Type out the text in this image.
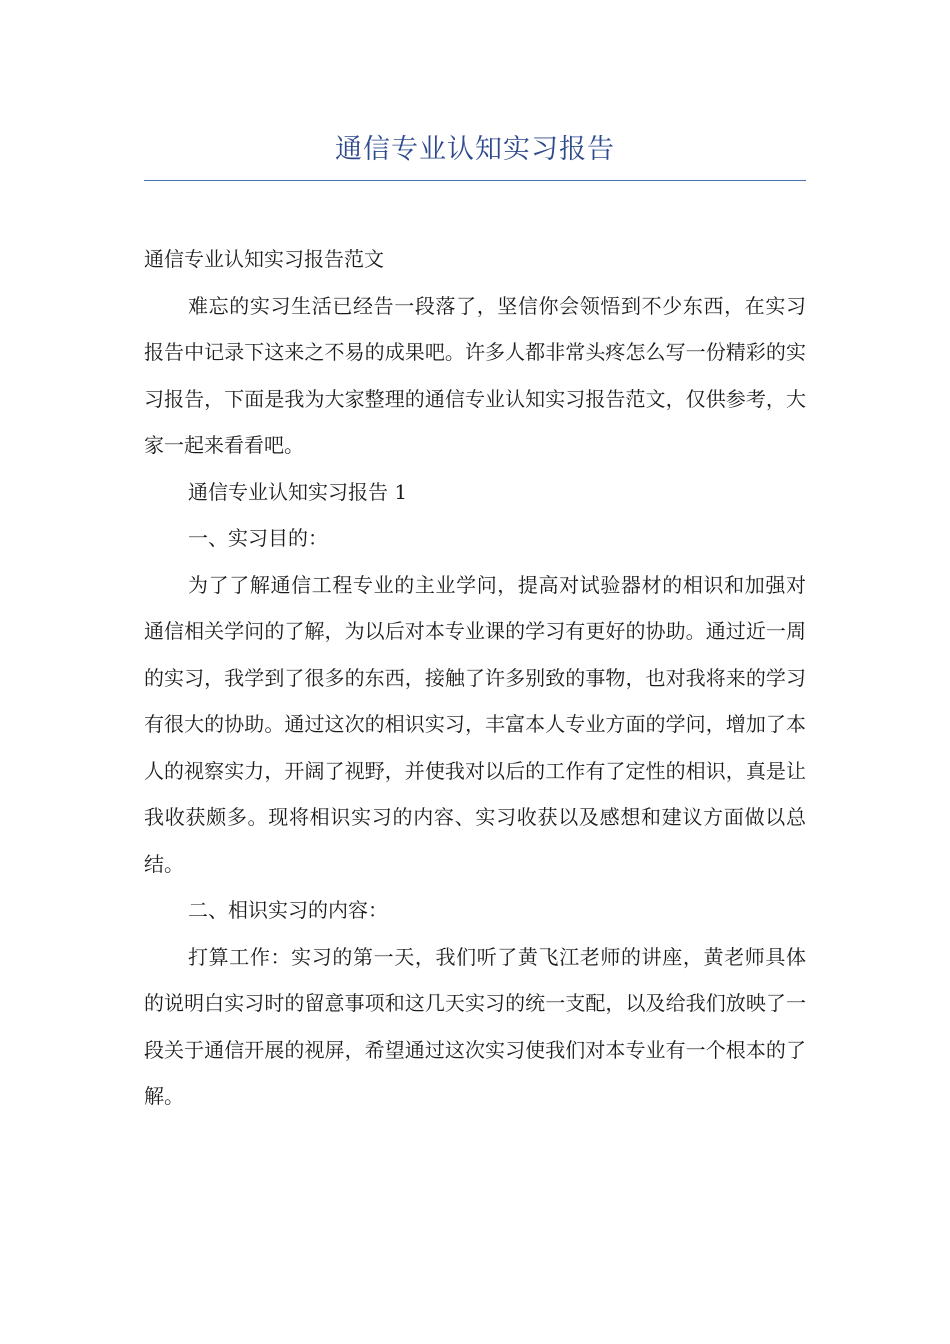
通信专业认知实习报告

通信专业认知实习报告范文

难忘的实习生活已经告一段落了，坚信你会领悟到不少东西，在实习报告中记录下这来之不易的成果吧。许多人都非常头疼怎么写一份精彩的实习报告，下面是我为大家整理的通信专业认知实习报告范文，仅供参考，大家一起来看看吧。

通信专业认知实习报告 1

一、实习目的：

为了了解通信工程专业的主业学问，提高对试验器材的相识和加强对通信相关学问的了解，为以后对本专业课的学习有更好的协助。通过近一周的实习，我学到了很多的东西，接触了许多别致的事物，也对我将来的学习有很大的协助。通过这次的相识实习，丰富本人专业方面的学问，增加了本人的视察实力，开阔了视野，并使我对以后的工作有了定性的相识，真是让我收获颇多。现将相识实习的内容、实习收获以及感想和建议方面做以总结。

二、相识实习的内容：

打算工作：实习的第一天，我们听了黄飞江老师的讲座，黄老师具体的说明白实习时的留意事项和这几天实习的统一支配，以及给我们放映了一段关于通信开展的视屏，希望通过这次实习使我们对本专业有一个根本的了解。
